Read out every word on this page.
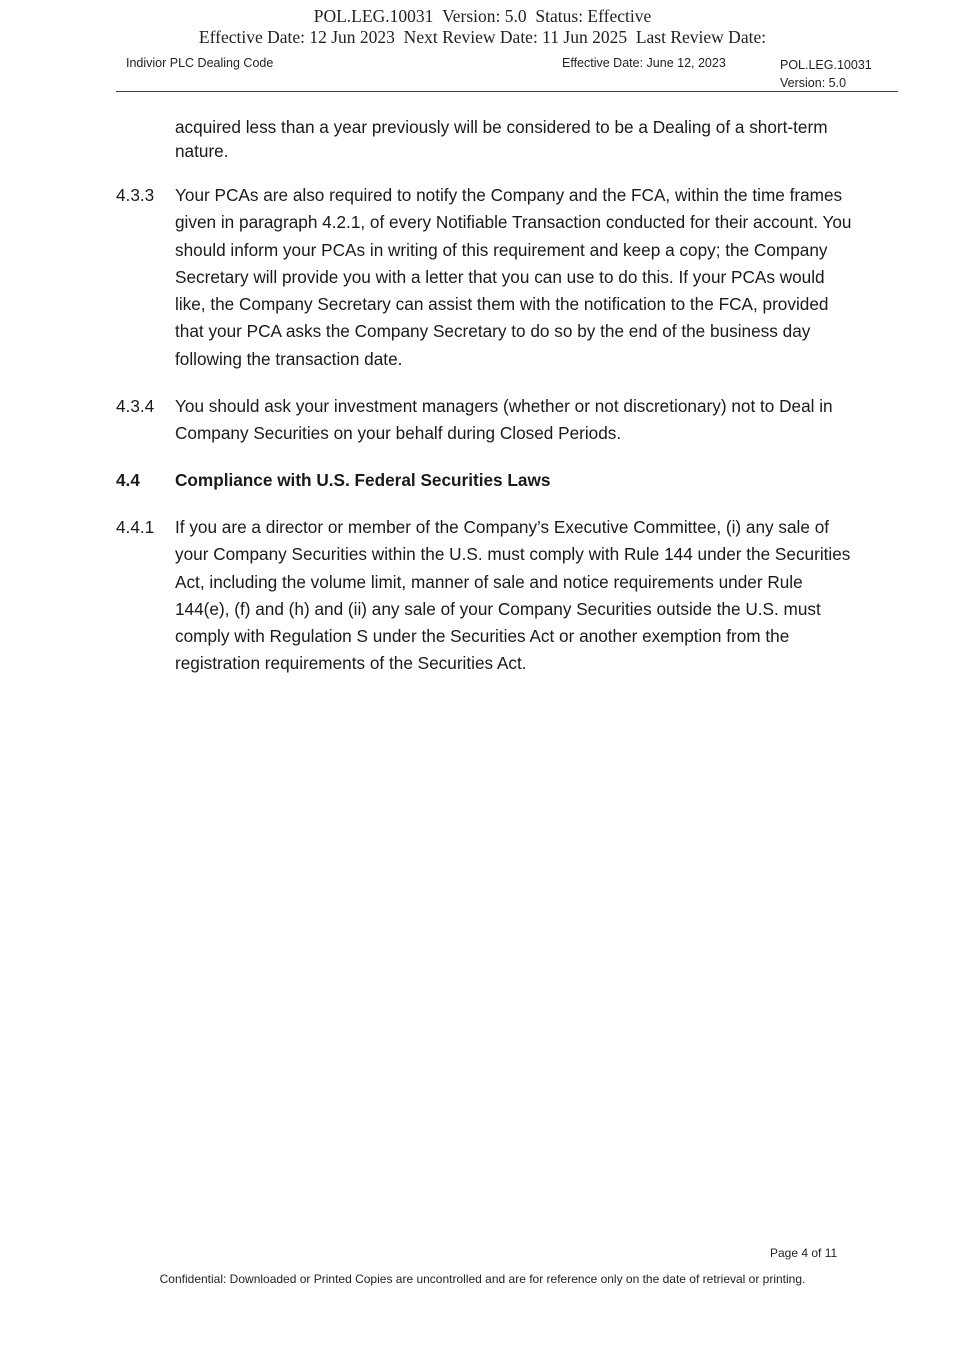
POL.LEG.10031 Version: 5.0 Status: Effective
Effective Date: 12 Jun 2023 Next Review Date: 11 Jun 2025 Last Review Date:
Indivior PLC Dealing Code	Effective Date: June 12, 2023	POL.LEG.10031
Version: 5.0
acquired less than a year previously will be considered to be a Dealing of a short-term nature.
4.3.3	Your PCAs are also required to notify the Company and the FCA, within the time frames given in paragraph 4.2.1, of every Notifiable Transaction conducted for their account. You should inform your PCAs in writing of this requirement and keep a copy; the Company Secretary will provide you with a letter that you can use to do this. If your PCAs would like, the Company Secretary can assist them with the notification to the FCA, provided that your PCA asks the Company Secretary to do so by the end of the business day following the transaction date.
4.3.4	You should ask your investment managers (whether or not discretionary) not to Deal in Company Securities on your behalf during Closed Periods.
4.4	Compliance with U.S. Federal Securities Laws
4.4.1	If you are a director or member of the Company’s Executive Committee, (i) any sale of your Company Securities within the U.S. must comply with Rule 144 under the Securities Act, including the volume limit, manner of sale and notice requirements under Rule 144(e), (f) and (h) and (ii) any sale of your Company Securities outside the U.S. must comply with Regulation S under the Securities Act or another exemption from the registration requirements of the Securities Act.
Page 4 of 11
Confidential: Downloaded or Printed Copies are uncontrolled and are for reference only on the date of retrieval or printing.
